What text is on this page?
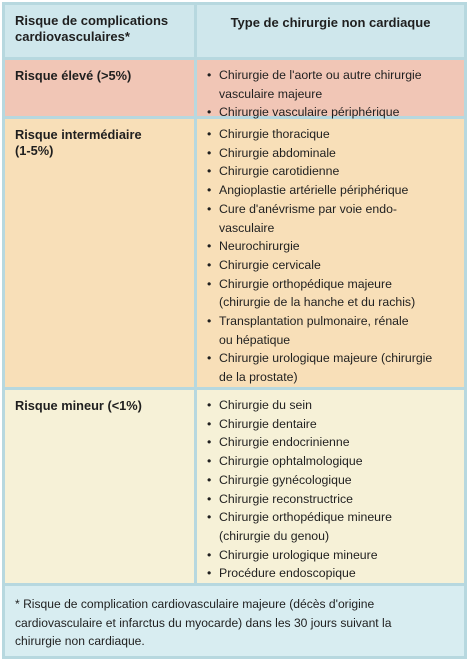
Risque de complications cardiovasculaires*
Type de chirurgie non cardiaque
Risque élevé (>5%)	• Chirurgie de l'aorte ou autre chirurgie
vasculaire majeure
• Chirurgie vasculaire périphérique
Risque intermédiaire
(1-5%)
• Chirurgie thoracique
• Chirurgie abdominale
• Chirurgie carotidienne
• Angioplastie artérielle périphérique
• Cure d'anévrisme par voie endo-
vasculaire
• Neurochirurgie
• Chirurgie cervicale
• Chirurgie orthopédique majeure
(chirurgie de la hanche et du rachis)
• Transplantation pulmonaire, rénale
ou hépatique
• Chirurgie urologique majeure (chirurgie
de la prostate)
Risque mineur (<1%)	• Chirurgie du sein
• Chirurgie dentaire
• Chirurgie endocrinienne
• Chirurgie ophtalmologique
• Chirurgie gynécologique
• Chirurgie reconstructrice
• Chirurgie orthopédique mineure
(chirurgie du genou)
• Chirurgie urologique mineure
• Procédure endoscopique
* Risque de complication cardiovasculaire majeure (décès d'origine
cardiovasculaire et infarctus du myocarde) dans les 30 jours suivant la
chirurgie non cardiaque.
